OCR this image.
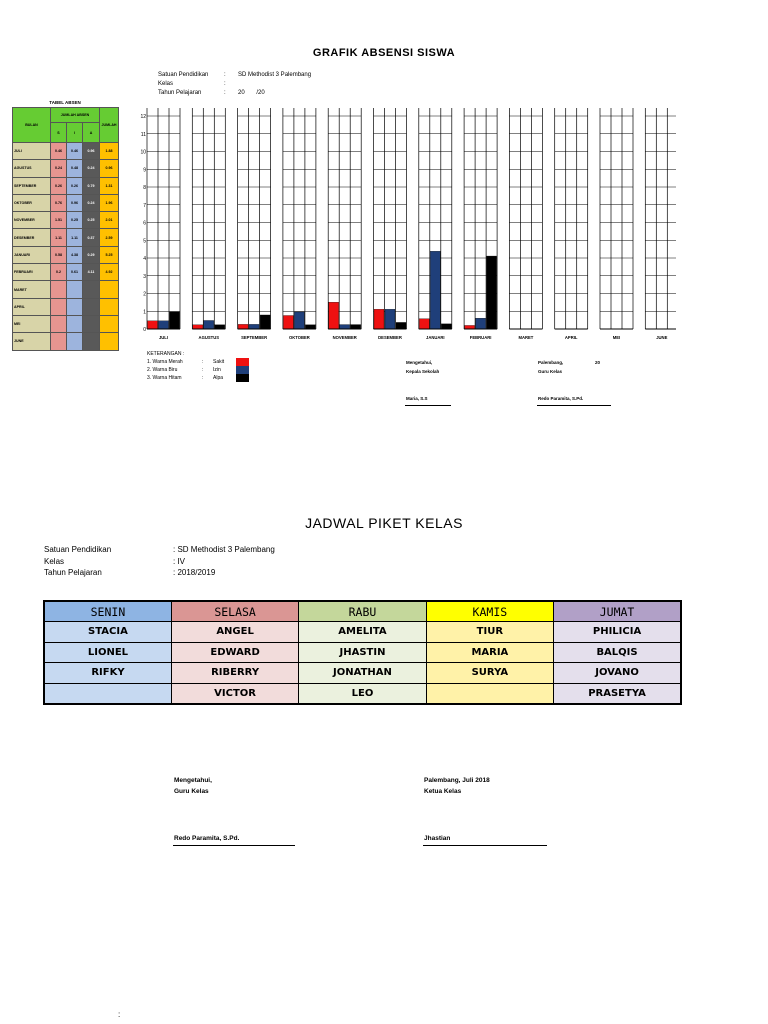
GRAFIK ABSENSI SISWA
Satuan Pendidikan	: SD Methodist 3 Palembang
Kelas	:
Tahun Pelajaran	: 20       /20
TABEL ABSEN
BULAN	JUMLAH ABSEN			JUMLAH
	S	I	A	
JULI	0.46	0.46	0.96	1.88
AGUSTUS	0.24	0.48	0.24	0.96
SEPTEMBER	0.26	0.26	0.79	1.31
OKTOBER	0.76	0.96	0.24	1.96
NOVEMBER	1.51	0.25	0.25	2.01
DESEMBER	1.11	1.11	0.37	2.59
JANUARI	0.58	4.38	0.29	5.25
FEBRUARI	0.2	0.61	4.11	4.92
MARET				
APRIL				
MEI				
JUNE				
0
1
2
3
4
5
6
7
8
9
10
11
12
JULI	AGUSTUS	SEPTEMBER	OKTOBER	NOVEMBER	DESEMBER	JANUARI	FEBRUARI	MARET	APRIL	MEI	JUNE
KETERANGAN :
1. Warna Merah	: Sakit
2. Warna Biru	: Izin
3. Warna Hitam	: Alpa
Mengetahui,
Kepala Sekolah
Maria, S.S
Palembang,	20
Guru Kelas
Redo Paramita, S.Pd.
JADWAL PIKET KELAS
Satuan Pendidikan	: SD Methodist 3 Palembang
Kelas	: IV
Tahun Pelajaran	: 2018/2019
SENIN	SELASA	RABU	KAMIS	JUMAT
STACIA	ANGEL	AMELITA	TIUR	PHILICIA
LIONEL	EDWARD	JHASTIN	MARIA	BALQIS
RIFKY	RIBERRY	JONATHAN	SURYA	JOVANO
	VICTOR	LEO		PRASETYA
Mengetahui,
Guru Kelas
Redo Paramita, S.Pd.
Palembang, Juli 2018
Ketua Kelas
Jhastian
:
